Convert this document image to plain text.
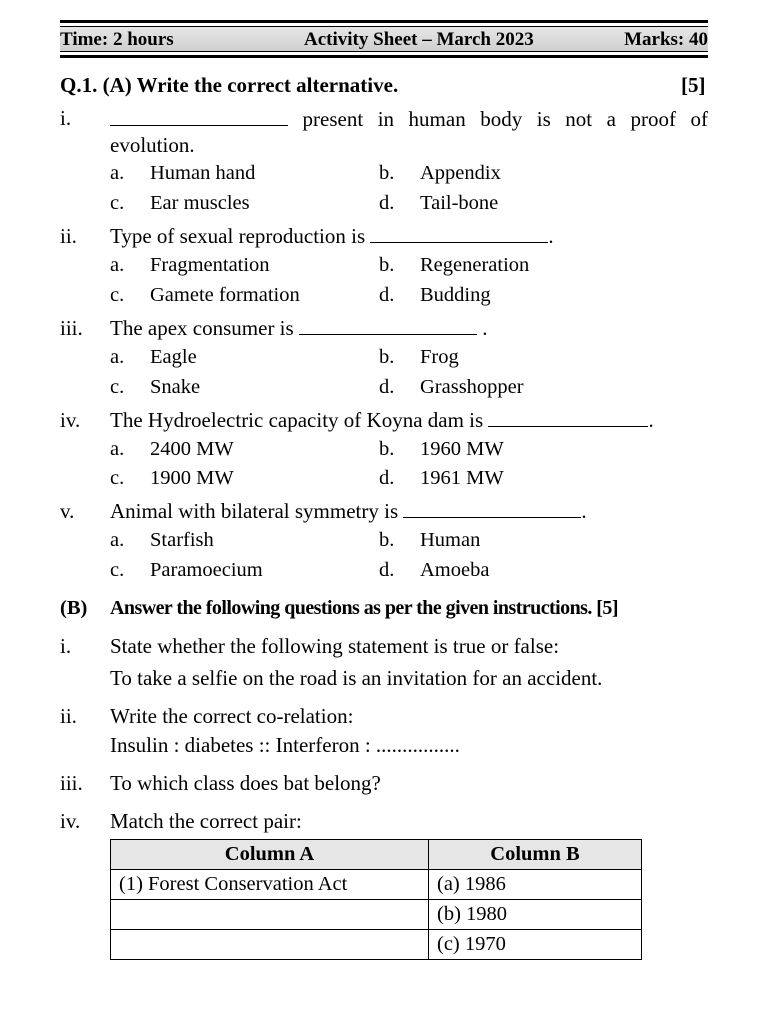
Time: 2 hours	Activity Sheet – March 2023	Marks: 40
Q.1. (A) Write the correct alternative.	[5]
i.	present in human body is not a proof of
evolution.
a. Human hand	b. Appendix
c. Ear muscles	d. Tail-bone
ii. Type of sexual reproduction is	.
a. Fragmentation	b. Regeneration
c. Gamete formation	d. Budding
iii. The apex consumer is	.
a. Eagle	b. Frog
c. Snake	d. Grasshopper
iv. The Hydroelectric capacity of Koyna dam is	.
a. 2400 MW	b. 1960 MW
c. 1900 MW	d. 1961 MW
v. Animal with bilateral symmetry is	.
a. Starfish	b. Human
c. Paramoecium	d. Amoeba
(B) Answer the following questions as per the given instructions. [5]
i. State whether the following statement is true or false:
To take a selfie on the road is an invitation for an accident.
ii. Write the correct co-relation:
Insulin : diabetes :: Interferon : ................
iii. To which class does bat belong?
iv. Match the correct pair:
Column A	Column B
(1) Forest Conservation Act	(a) 1986
	(b) 1980
	(c) 1970
